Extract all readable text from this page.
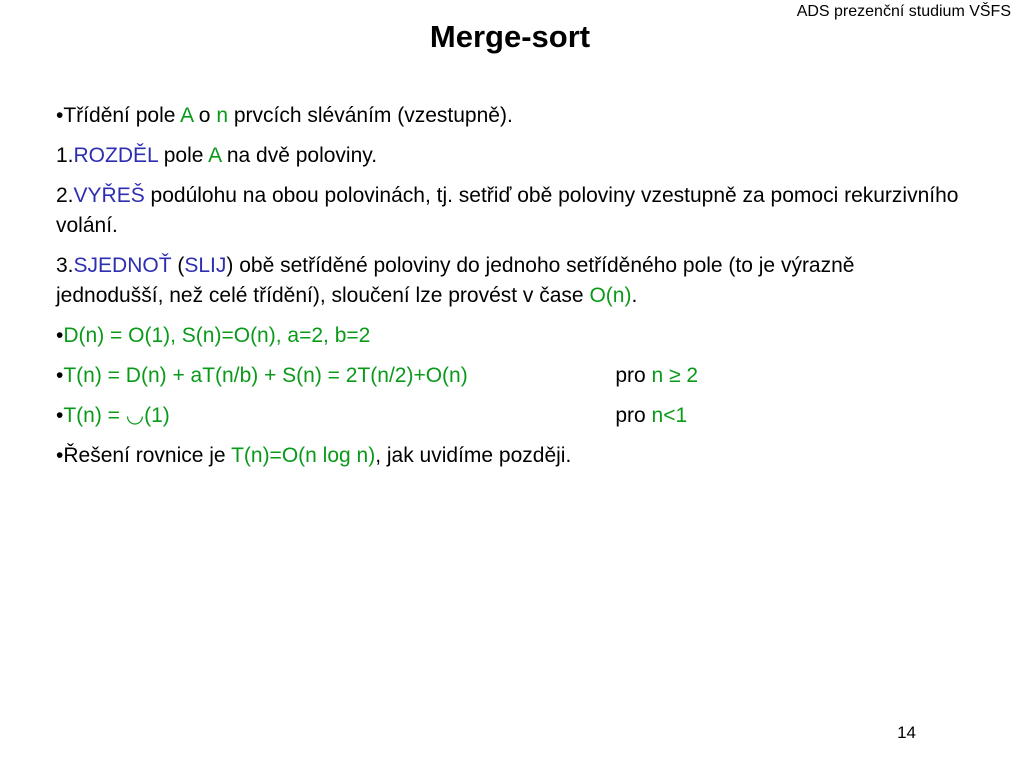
ADS prezenční studium VŠFS
Merge-sort

•Třídění pole A o n prvcích sléváním (vzestupně).

1.ROZDĚL pole A na dvě poloviny.

2.VYŘEŠ podúlohu na obou polovinách, tj. setřiď obě poloviny vzestupně za pomoci rekurzivního volání.

3.SJEDNOŤ (SLIJ) obě setříděné poloviny do jednoho setříděného pole (to je výrazně jednodušší, než celé třídění), sloučení lze provést v čase O(n).

•D(n) = O(1), S(n)=O(n), a=2, b=2

•T(n) = D(n) + aT(n/b) + S(n) = 2T(n/2)+O(n)	pro n ≥ 2

•T(n) = ◡(1)	pro n<1

•Řešení rovnice je T(n)=O(n log n), jak uvidíme později.

14
